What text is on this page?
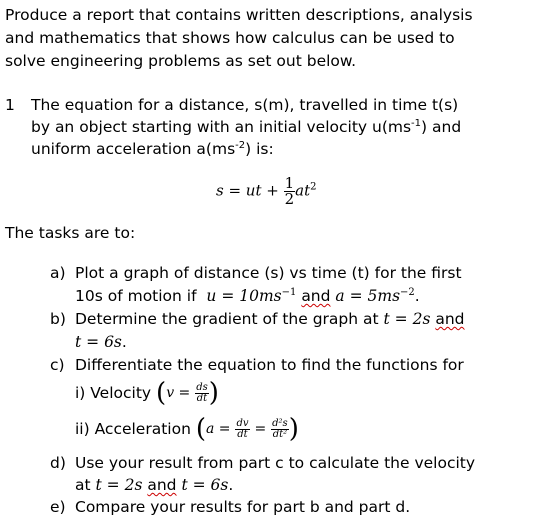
Produce a report that contains written descriptions, analysis
and mathematics that shows how calculus can be used to
solve engineering problems as set out below.
1 The equation for a distance, s(m), travelled in time t(s)
by an object starting with an initial velocity $u(ms^{-1})$ and
uniform acceleration $a(ms^{-2})$ is:
s = ut + $\frac{1}{2} at^2$
The tasks are to:
a) Plot a graph of distance (s) vs time (t) for the first
10s of motion if $u = 10ms^{-1}$ and $a = 5ms^{-2}$.
b) Determine the gradient of the graph at t = 2s and
t = 6s.
c) Differentiate the equation to find the functions for
i) Velocity ($v = \frac{ds}{dt}$ )
ii) Acceleration ($a = \frac{dv}{dt} = \frac{\text{d²s}}{\text{dt²}}$ )
d) Use your result from part c to calculate the velocity
at t = 2s and t = 6s.
e) Compare your results for part b and part d.
